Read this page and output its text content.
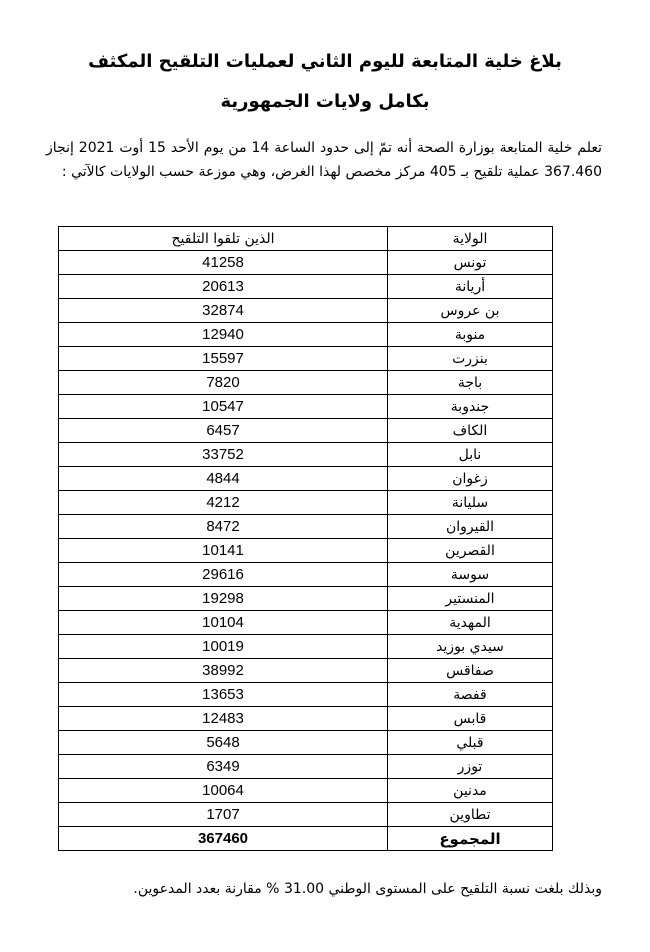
بلاغ خلية المتابعة لليوم الثاني لعمليات التلقيح المكثف
بكامل ولايات الجمهورية

تعلم خلية المتابعة بوزارة الصحة أنه تمّ إلى حدود الساعة 14 من يوم الأحد 15 أوت 2021 إنجاز 367.460 عملية تلقيح بـ 405 مركز مخصص لهذا الغرض، وهي موزعة حسب الولايات كالآتي :

الولاية	الذين تلقوا التلقيح
تونس	41258
أريانة	20613
بن عروس	32874
منوبة	12940
بنزرت	15597
باجة	7820
جندوبة	10547
الكاف	6457
نابل	33752
زغوان	4844
سليانة	4212
القيروان	8472
القصرين	10141
سوسة	29616
المنستير	19298
المهدية	10104
سيدي بوزيد	10019
صفاقس	38992
قفصة	13653
قابس	12483
قبلي	5648
توزر	6349
مدنين	10064
تطاوين	1707
المجموع	367460

وبذلك بلغت نسبة التلقيح على المستوى الوطني 31.00 % مقارنة بعدد المدعوين.
